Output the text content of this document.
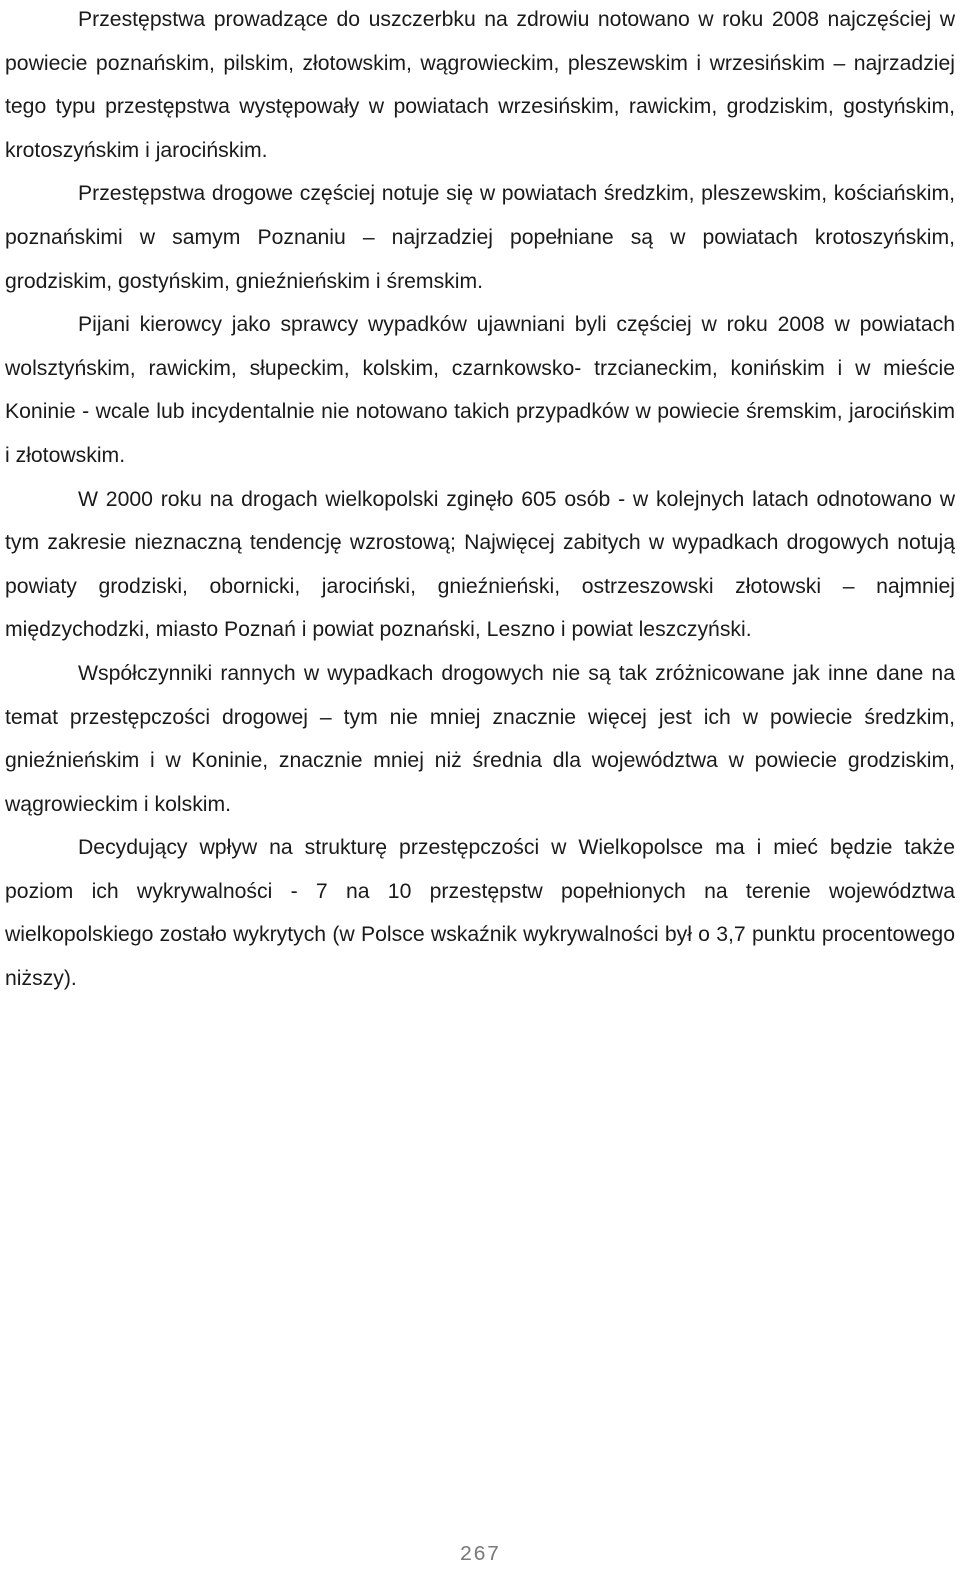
Przestępstwa prowadzące do uszczerbku na zdrowiu notowano w roku 2008 najczęściej w powiecie poznańskim, pilskim, złotowskim, wągrowieckim, pleszewskim i wrzesińskim – najrzadziej tego typu przestępstwa występowały w powiatach wrzesińskim, rawickim, grodziskim, gostyńskim, krotoszyńskim i jarocińskim.

Przestępstwa drogowe częściej notuje się w powiatach średzkim, pleszewskim, kościańskim, poznańskimi w samym Poznaniu – najrzadziej popełniane są w powiatach krotoszyńskim, grodziskim, gostyńskim, gnieźnieńskim i śremskim.

Pijani kierowcy jako sprawcy wypadków ujawniani byli częściej w roku 2008 w powiatach wolsztyńskim, rawickim, słupeckim, kolskim, czarnkowsko- trzcianeckim, konińskim i w mieście Koninie - wcale lub incydentalnie nie notowano takich przypadków w powiecie śremskim, jarocińskim i złotowskim.

W 2000 roku na drogach wielkopolski zginęło 605 osób - w kolejnych latach odnotowano w tym zakresie nieznaczną tendencję wzrostową; Najwięcej zabitych w wypadkach drogowych notują powiaty grodziski, obornicki, jarociński, gnieźnieński, ostrzeszowski złotowski – najmniej międzychodzki, miasto Poznań i powiat poznański, Leszno i powiat leszczyński.

Współczynniki rannych w wypadkach drogowych nie są tak zróżnicowane jak inne dane na temat przestępczości drogowej – tym nie mniej znacznie więcej jest ich w powiecie średzkim, gnieźnieńskim i w Koninie, znacznie mniej niż średnia dla województwa w powiecie grodziskim, wągrowieckim i kolskim.

Decydujący wpływ na strukturę przestępczości w Wielkopolsce ma i mieć będzie także poziom ich wykrywalności - 7 na 10 przestępstw popełnionych na terenie województwa wielkopolskiego zostało wykrytych (w Polsce wskaźnik wykrywalności był o 3,7 punktu procentowego niższy).

267
